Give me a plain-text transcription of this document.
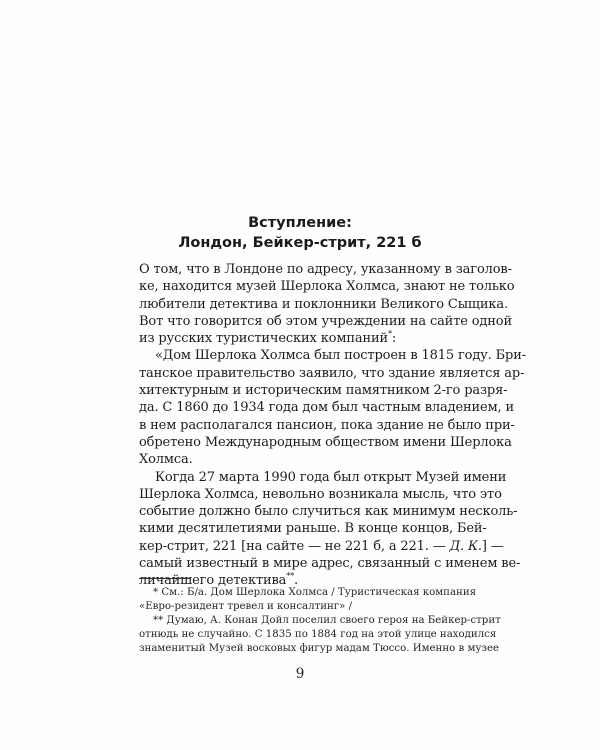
Вступление:
Лондон, Бейкер-стрит, 221 б

О том, что в Лондоне по адресу, указанному в заголов-
ке, находится музей Шерлока Холмса, знают не только
любители детектива и поклонники Великого Сыщика.
Вот что говорится об этом учреждении на сайте одной
из русских туристических компаний*:

«Дом Шерлока Холмса был построен в 1815 году. Бри-
танское правительство заявило, что здание является ар-
хитектурным и историческим памятником 2-го разря-
да. С 1860 до 1934 года дом был частным владением, и
в нем располагался пансион, пока здание не было при-
обретено Международным обществом имени Шерлока
Холмса.

Когда 27 марта 1990 года был открыт Музей имени
Шерлока Холмса, невольно возникала мысль, что это
событие должно было случиться как минимум несколь-
кими десятилетиями раньше. В конце концов, Бей-
кер-стрит, 221 [на сайте — не 221 б, а 221. — Д. К.] —
самый известный в мире адрес, связанный с именем ве-
личайшего детектива**.

* См.: Б/а. Дом Шерлока Холмса / Туристическая компания
«Евро-резидент тревел и консалтинг» /
** Думаю, А. Конан Дойл поселил своего героя на Бейкер-стрит
отнюдь не случайно. С 1835 по 1884 год на этой улице находился
знаменитый Музей восковых фигур мадам Тюссо. Именно в музее
9
